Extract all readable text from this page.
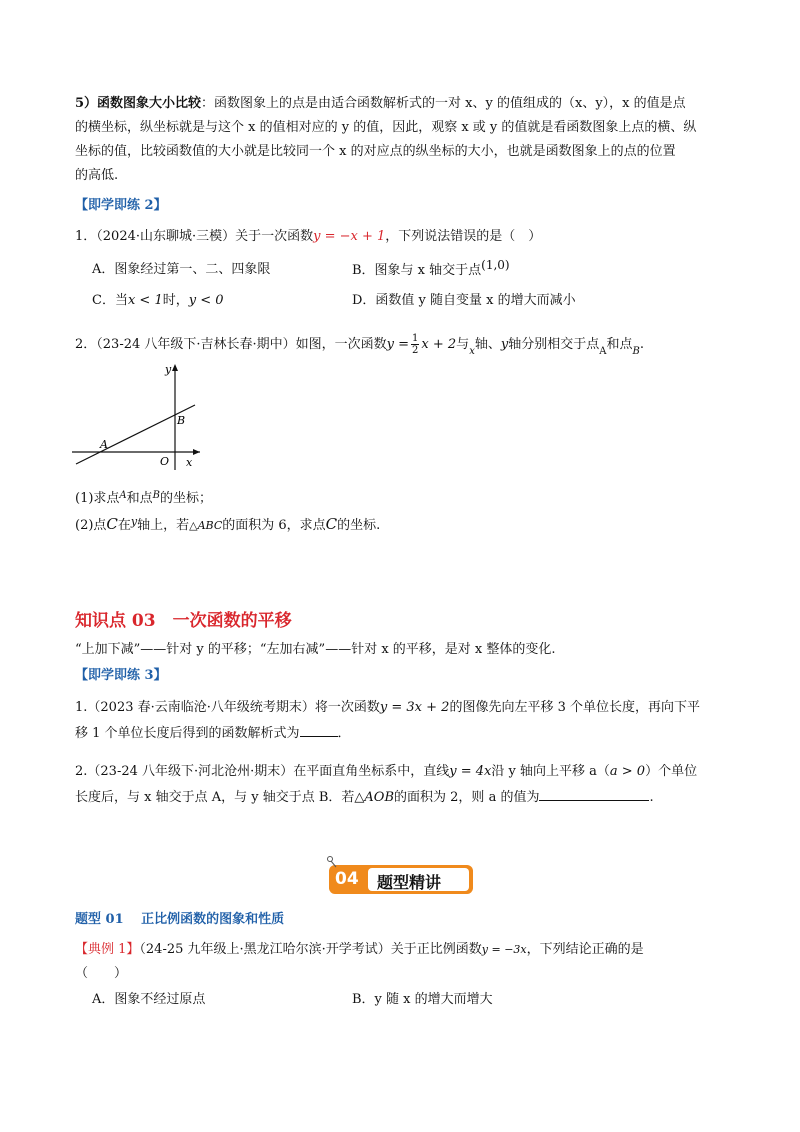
5）函数图象大小比较：函数图象上的点是由适合函数解析式的一对 x、y 的值组成的（x、y），x 的值是点
的横坐标，纵坐标就是与这个 x 的值相对应的 y 的值，因此，观察 x 或 y 的值就是看函数图象上点的横、纵
坐标的值，比较函数值的大小就是比较同一个 x 的对应点的纵坐标的大小，也就是函数图象上的点的位置
的高低.
【即学即练 2】
1．（2024·山东聊城·三模）关于一次函数y = −x + 1，下列说法错误的是（　）
A．图象经过第一、二、四象限	B．图象与 x 轴交于点(1,0)
C．当x < 1时，y < 0	D．函数值 y 随自变量 x 的增大而减小
2．（23-24 八年级下·吉林长春·期中）如图，一次函数$y = \frac{1}{2}$ x + 2与$_x$轴、y轴分别相交于点$_A$和点$_B$.
y
x
A
B
O
(1)求点$^A$和点$^B$的坐标；
(2)点C在$^y$轴上，若△ABC的面积为 6，求点C的坐标.
知识点 03　一次函数的平移
“上加下减”——针对 y 的平移；“左加右减”——针对 x 的平移，是对 x 整体的变化.
【即学即练 3】
1.（2023 春·云南临沧·八年级统考期末）将一次函数y = 3x + 2的图像先向左平移 3 个单位长度，再向下平
移 1 个单位长度后得到的函数解析式为	．
2.（23-24 八年级下·河北沧州·期末）在平面直角坐标系中，直线y = 4x沿 y 轴向上平移 a（a > 0）个单位
长度后，与 x 轴交于点 A，与 y 轴交于点 B．若△AOB的面积为 2，则 a 的值为	.
04 题型精讲
题型 01　 正比例函数的图象和性质
【典例 1】（24-25 九年级上·黑龙江哈尔滨·开学考试）关于正比例函数y = −3x，下列结论正确的是
（　　）
A．图象不经过原点	B．y 随 x 的增大而增大
